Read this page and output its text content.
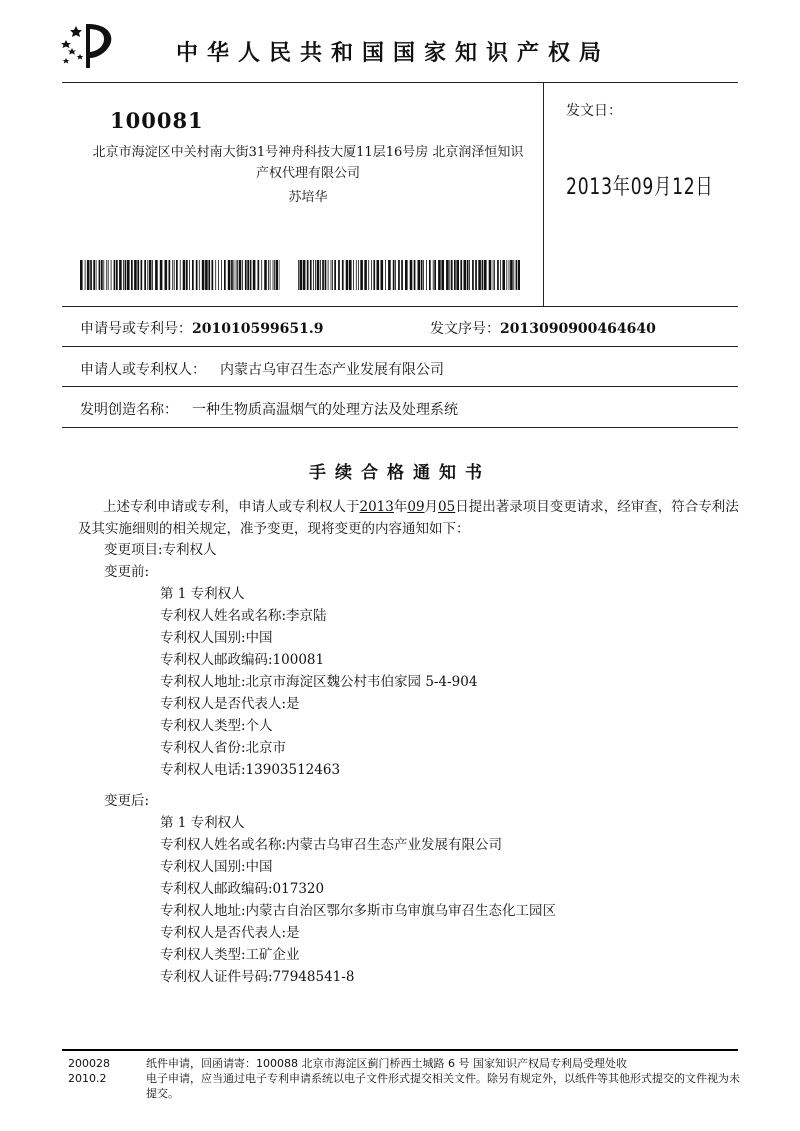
中华人民共和国国家知识产权局
100081
北京市海淀区中关村南大街31号神舟科技大厦11层16号房 北京润泽恒知识产权代理有限公司
苏培华
发文日：
2013年09月12日
申请号或专利号：201010599651.9	发文序号：2013090900464640
申请人或专利权人： 内蒙古乌审召生态产业发展有限公司
发明创造名称： 一种生物质高温烟气的处理方法及处理系统
手续合格通知书
上述专利申请或专利，申请人或专利权人于2013年09月05日提出著录项目变更请求，经审查，符合专利法及其实施细则的相关规定，准予变更，现将变更的内容通知如下：
变更项目:专利权人
变更前:
第 1 专利权人
专利权人姓名或名称:李京陆
专利权人国别:中国
专利权人邮政编码:100081
专利权人地址:北京市海淀区魏公村韦伯家园 5-4-904
专利权人是否代表人:是
专利权人类型:个人
专利权人省份:北京市
专利权人电话:13903512463
变更后:
第 1 专利权人
专利权人姓名或名称:内蒙古乌审召生态产业发展有限公司
专利权人国别:中国
专利权人邮政编码:017320
专利权人地址:内蒙古自治区鄂尔多斯市乌审旗乌审召生态化工园区
专利权人是否代表人:是
专利权人类型:工矿企业
专利权人证件号码:77948541-8
200028
2010.2
纸件申请，回函请寄：100088 北京市海淀区蓟门桥西土城路 6 号 国家知识产权局专利局受理处收
电子申请，应当通过电子专利申请系统以电子文件形式提交相关文件。除另有规定外，以纸件等其他形式提交的文件视为未提交。
